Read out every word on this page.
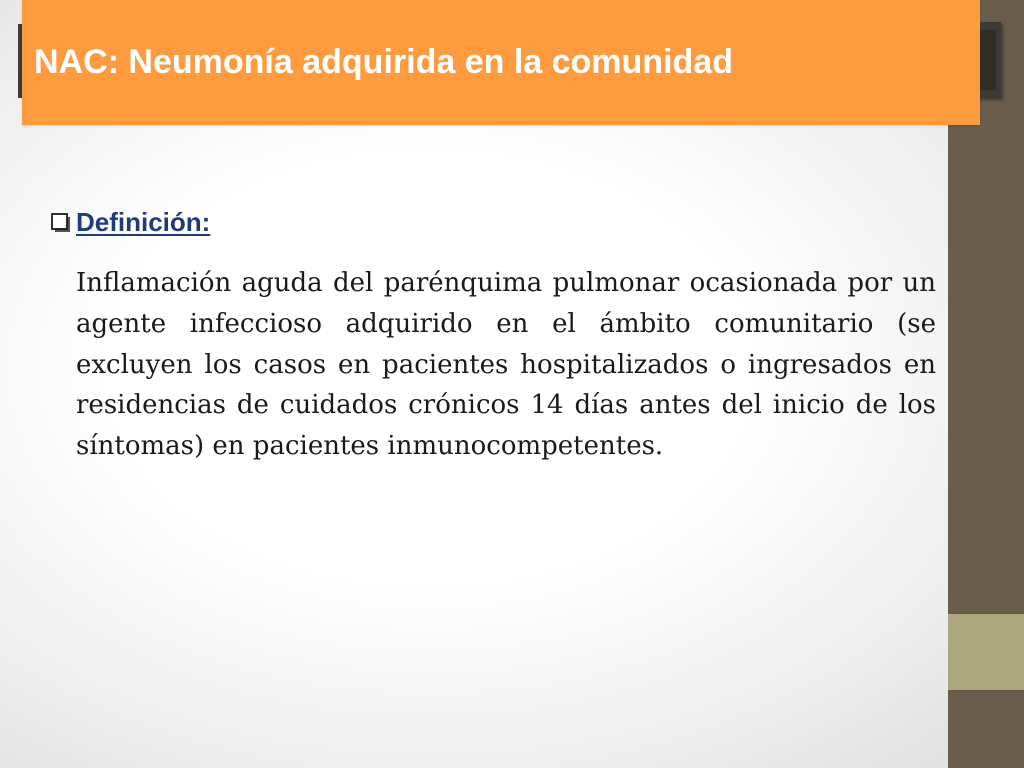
NAC: Neumonía adquirida en la comunidad
Definición:

Inflamación aguda del parénquima pulmonar ocasionada por un agente infeccioso adquirido en el ámbito comunitario (se excluyen los casos en pacientes hospitalizados o ingresados en residencias de cuidados crónicos 14 días antes del inicio de los síntomas) en pacientes inmunocompetentes.
